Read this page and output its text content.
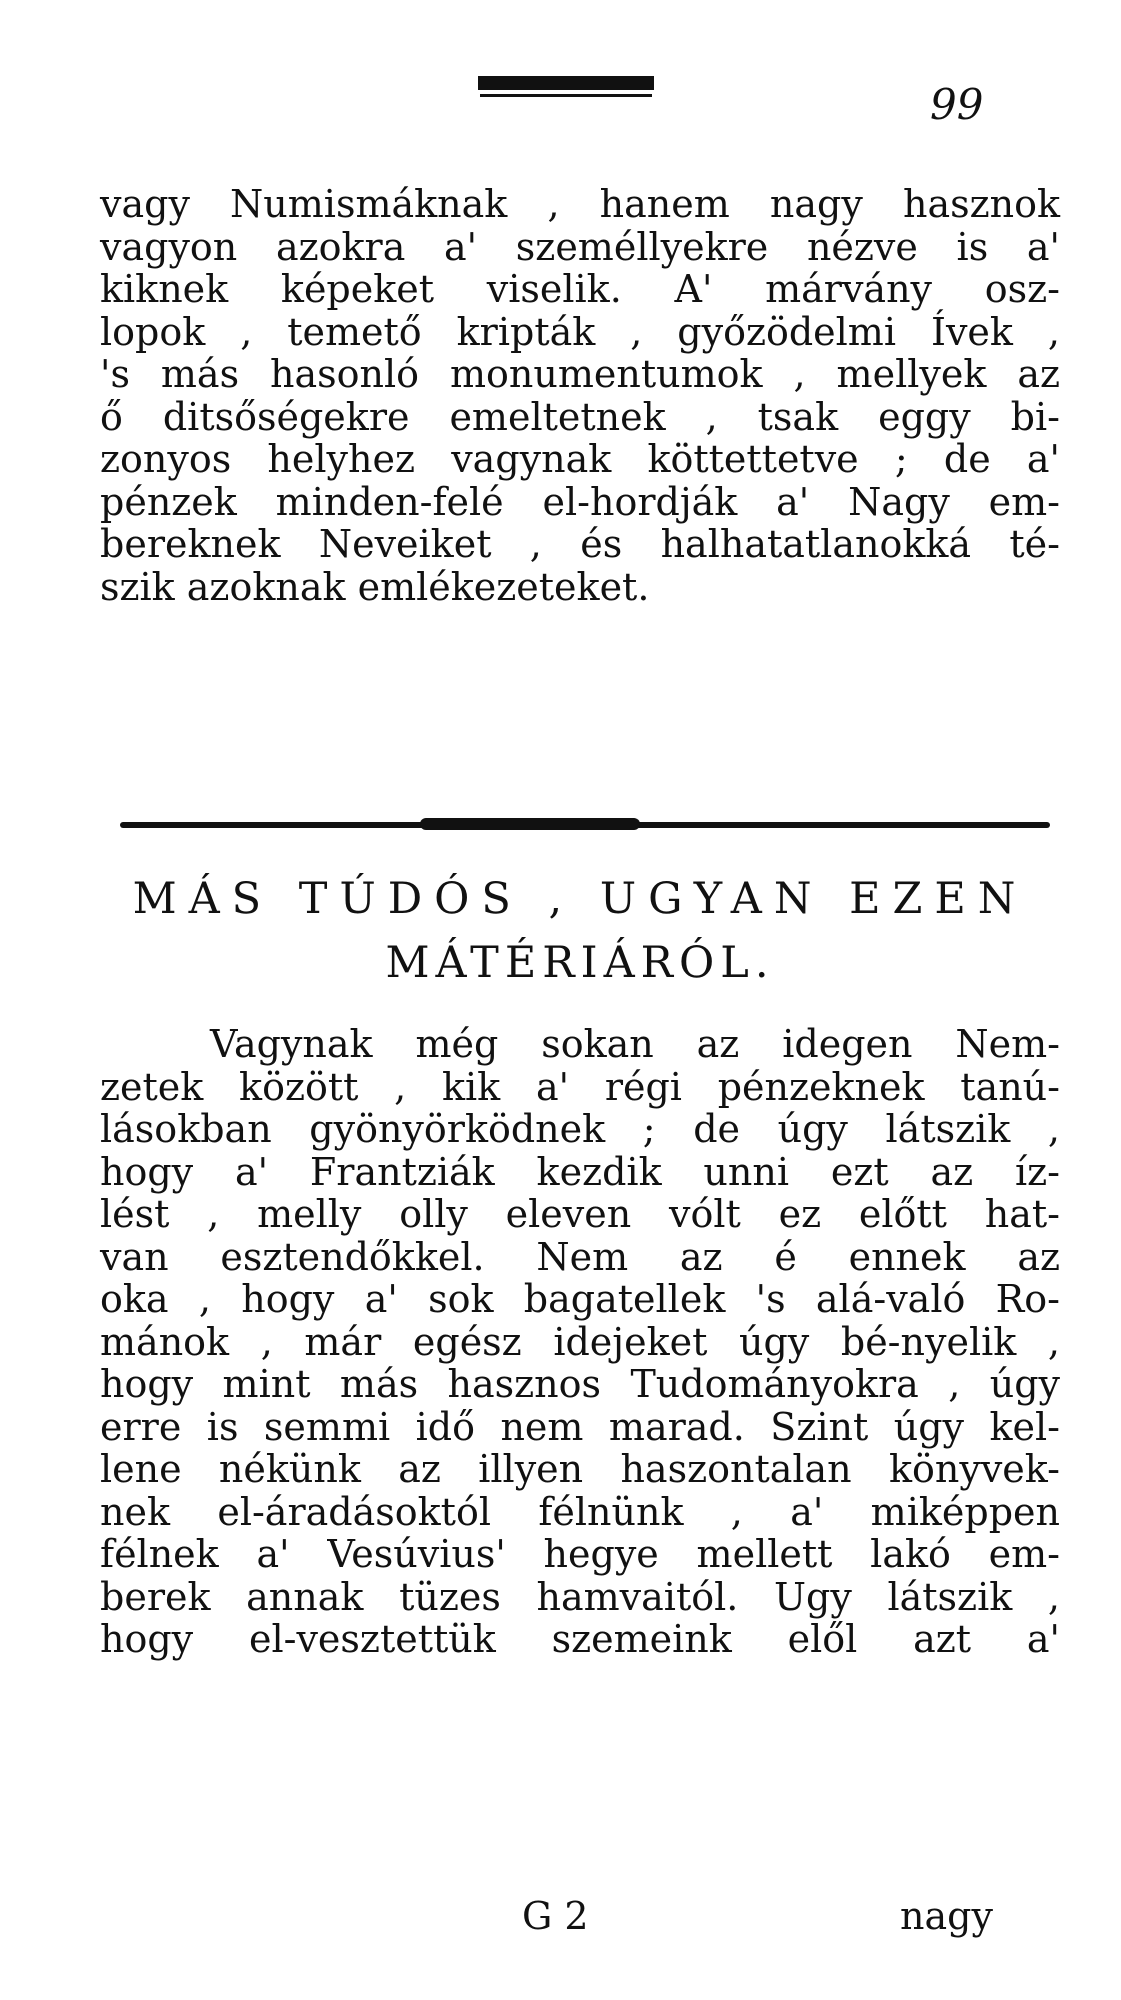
99
vagy Numismáknak , hanem nagy hasznok
vagyon azokra a' személlyekre nézve is a'
kiknek képeket viselik. A' márvány osz-
lopok , temető kripták , győzödelmi Ívek ,
's más hasonló monumentumok , mellyek az
ő ditsőségekre emeltetnek , tsak eggy bi-
zonyos helyhez vagynak köttettetve ; de a'
pénzek minden-felé el-hordják a' Nagy em-
bereknek Neveiket , és halhatatlanokká té-
szik azoknak emlékezeteket.
MÁS TÚDÓS , UGYAN EZEN
MÁTÉRIÁRÓL.
Vagynak még sokan az idegen Nem-
zetek között , kik a' régi pénzeknek tanú-
lásokban gyönyörködnek ; de úgy látszik ,
hogy a' Frantziák kezdik unni ezt az íz-
lést , melly olly eleven vólt ez előtt hat-
van esztendőkkel. Nem az é ennek az
oka , hogy a' sok bagatellek 's alá-való Ro-
mánok , már egész idejeket úgy bé-nyelik ,
hogy mint más hasznos Tudományokra , úgy
erre is semmi idő nem marad. Szint úgy kel-
lene nékünk az illyen haszontalan könyvek-
nek el-áradásoktól félnünk , a' miképpen
félnek a' Vesúvius' hegye mellett lakó em-
berek annak tüzes hamvaitól. Ugy látszik ,
hogy el-vesztettük szemeink elől azt a'
G 2	nagy
